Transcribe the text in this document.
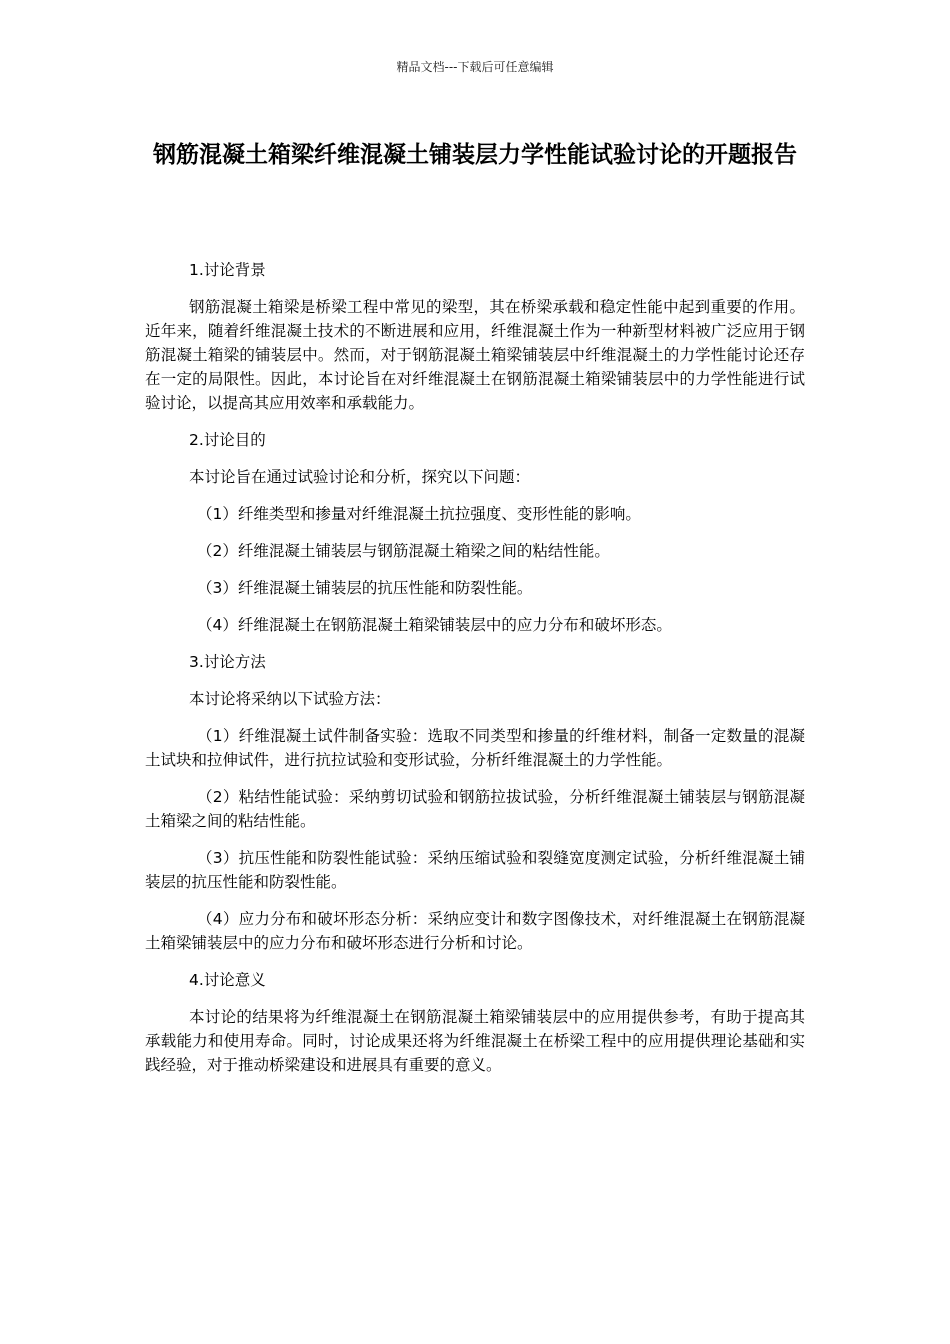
精品文档---下载后可任意编辑
钢筋混凝土箱梁纤维混凝土铺装层力学性能试验讨论的开题报告

1.讨论背景

钢筋混凝土箱梁是桥梁工程中常见的梁型，其在桥梁承载和稳定性能中起到重要的作用。近年来，随着纤维混凝土技术的不断进展和应用，纤维混凝土作为一种新型材料被广泛应用于钢筋混凝土箱梁的铺装层中。然而，对于钢筋混凝土箱梁铺装层中纤维混凝土的力学性能讨论还存在一定的局限性。因此，本讨论旨在对纤维混凝土在钢筋混凝土箱梁铺装层中的力学性能进行试验讨论，以提高其应用效率和承载能力。

2.讨论目的

本讨论旨在通过试验讨论和分析，探究以下问题：

（1）纤维类型和掺量对纤维混凝土抗拉强度、变形性能的影响。

（2）纤维混凝土铺装层与钢筋混凝土箱梁之间的粘结性能。

（3）纤维混凝土铺装层的抗压性能和防裂性能。

（4）纤维混凝土在钢筋混凝土箱梁铺装层中的应力分布和破坏形态。

3.讨论方法

本讨论将采纳以下试验方法：

（1）纤维混凝土试件制备实验：选取不同类型和掺量的纤维材料，制备一定数量的混凝土试块和拉伸试件，进行抗拉试验和变形试验，分析纤维混凝土的力学性能。

（2）粘结性能试验：采纳剪切试验和钢筋拉拔试验，分析纤维混凝土铺装层与钢筋混凝土箱梁之间的粘结性能。

（3）抗压性能和防裂性能试验：采纳压缩试验和裂缝宽度测定试验，分析纤维混凝土铺装层的抗压性能和防裂性能。

（4）应力分布和破坏形态分析：采纳应变计和数字图像技术，对纤维混凝土在钢筋混凝土箱梁铺装层中的应力分布和破坏形态进行分析和讨论。

4.讨论意义

本讨论的结果将为纤维混凝土在钢筋混凝土箱梁铺装层中的应用提供参考，有助于提高其承载能力和使用寿命。同时，讨论成果还将为纤维混凝土在桥梁工程中的应用提供理论基础和实践经验，对于推动桥梁建设和进展具有重要的意义。
